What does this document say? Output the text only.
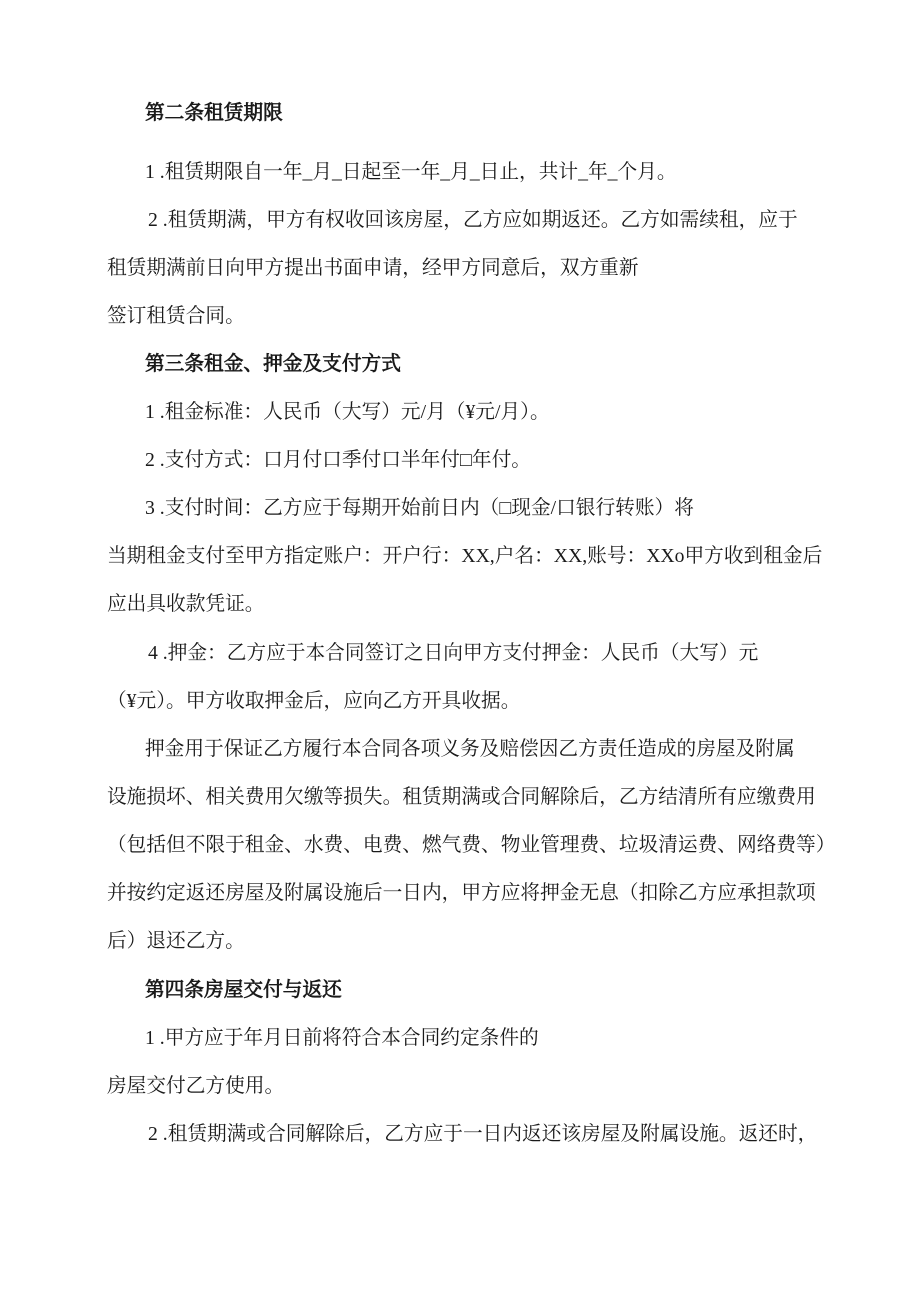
第二条租赁期限
1 .租赁期限自一年_月_日起至一年_月_日止，共计_年_个月。
2 .租赁期满，甲方有权收回该房屋，乙方应如期返还。乙方如需续租，应于
租赁期满前日向甲方提出书面申请，经甲方同意后，双方重新
签订租赁合同。
第三条租金、押金及支付方式
1 .租金标准：人民币（大写）元/月（¥元/月）。
2 .支付方式：口月付口季付口半年付□年付。
3 .支付时间：乙方应于每期开始前日内（□现金/口银行转账）将
当期租金支付至甲方指定账户：开户行：XX,户名：XX,账号：XXo甲方收到租金后
应出具收款凭证。
4 .押金：乙方应于本合同签订之日向甲方支付押金：人民币（大写）元
（¥元）。甲方收取押金后，应向乙方开具收据。
押金用于保证乙方履行本合同各项义务及赔偿因乙方责任造成的房屋及附属
设施损坏、相关费用欠缴等损失。租赁期满或合同解除后，乙方结清所有应缴费用
（包括但不限于租金、水费、电费、燃气费、物业管理费、垃圾清运费、网络费等）
并按约定返还房屋及附属设施后一日内，甲方应将押金无息（扣除乙方应承担款项
后）退还乙方。
第四条房屋交付与返还
1 .甲方应于年月日前将符合本合同约定条件的
房屋交付乙方使用。
2 .租赁期满或合同解除后，乙方应于一日内返还该房屋及附属设施。返还时，
